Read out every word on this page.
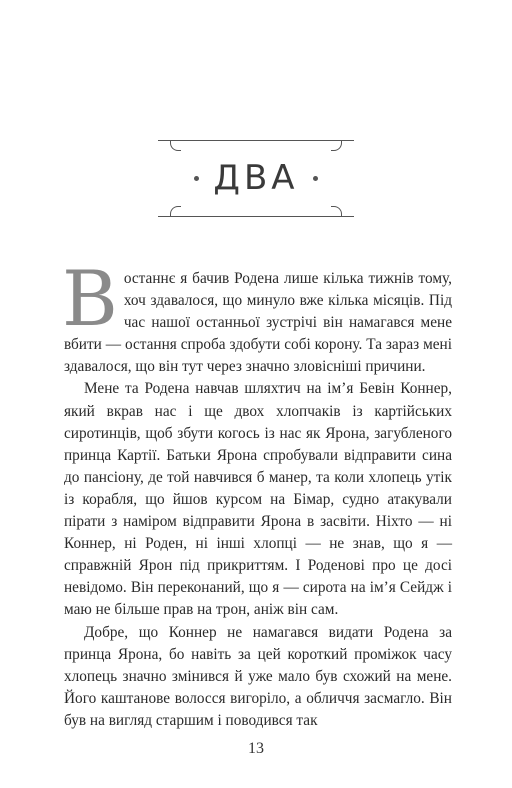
ДВА

Востаннє я бачив Родена лише кілька тижнів тому, хоч здавалося, що минуло вже кілька місяців. Під час нашої останньої зустрічі він намагався мене вбити — остання спроба здобути собі корону. Та зараз мені здавалося, що він тут через значно зловісніші причини.

Мене та Родена навчав шляхтич на ім’я Бевін Коннер, який вкрав нас і ще двох хлопчаків із картійських сиротинців, щоб збути когось із нас як Ярона, загубленого принца Картії. Батьки Ярона спробували відправити сина до пансіону, де той навчився б манер, та коли хлопець утік із корабля, що йшов курсом на Бімар, судно атакували пірати з наміром відправити Ярона в засвіти. Ніхто — ні Коннер, ні Роден, ні інші хлопці — не знав, що я — справжній Ярон під прикриттям. І Роденові про це досі невідомо. Він переконаний, що я — сирота на ім’я Сейдж і маю не більше прав на трон, аніж він сам.

Добре, що Коннер не намагався видати Родена за принца Ярона, бо навіть за цей короткий проміжок часу хлопець значно змінився й уже мало був схожий на мене. Його каштанове волосся вигоріло, а обличчя засмагло. Він був на вигляд старшим і поводився так

13
